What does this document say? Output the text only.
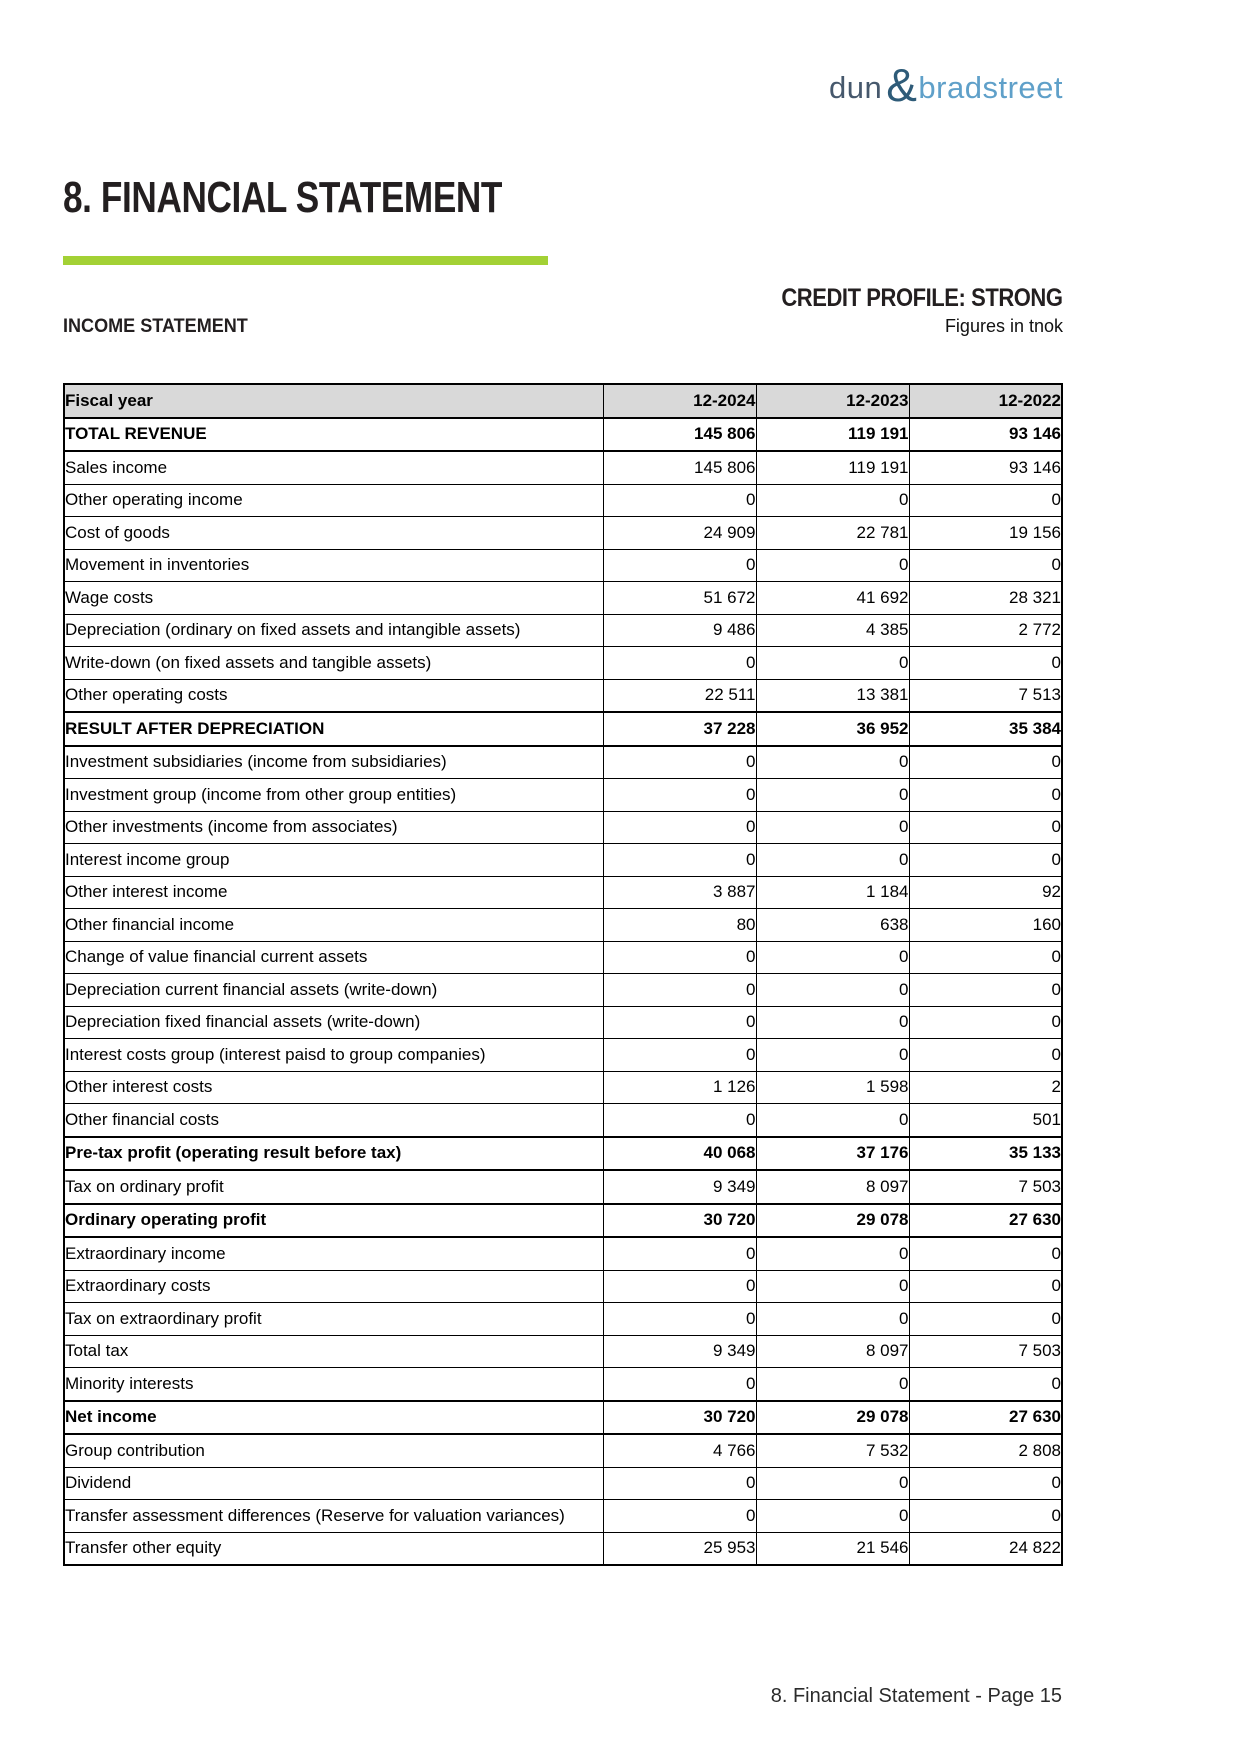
dun & bradstreet
8. FINANCIAL STATEMENT
CREDIT PROFILE: STRONG
INCOME STATEMENT	Figures in tnok
Fiscal year	12-2024	12-2023	12-2022
TOTAL REVENUE	145 806	119 191	93 146
Sales income	145 806	119 191	93 146
Other operating income	0	0	0
Cost of goods	24 909	22 781	19 156
Movement in inventories	0	0	0
Wage costs	51 672	41 692	28 321
Depreciation (ordinary on fixed assets and intangible assets)	9 486	4 385	2 772
Write-down (on fixed assets and tangible assets)	0	0	0
Other operating costs	22 511	13 381	7 513
RESULT AFTER DEPRECIATION	37 228	36 952	35 384
Investment subsidiaries (income from subsidiaries)	0	0	0
Investment group (income from other group entities)	0	0	0
Other investments (income from associates)	0	0	0
Interest income group	0	0	0
Other interest income	3 887	1 184	92
Other financial income	80	638	160
Change of value financial current assets	0	0	0
Depreciation current financial assets (write-down)	0	0	0
Depreciation fixed financial assets (write-down)	0	0	0
Interest costs group (interest paisd to group companies)	0	0	0
Other interest costs	1 126	1 598	2
Other financial costs	0	0	501
Pre-tax profit (operating result before tax)	40 068	37 176	35 133
Tax on ordinary profit	9 349	8 097	7 503
Ordinary operating profit	30 720	29 078	27 630
Extraordinary income	0	0	0
Extraordinary costs	0	0	0
Tax on extraordinary profit	0	0	0
Total tax	9 349	8 097	7 503
Minority interests	0	0	0
Net income	30 720	29 078	27 630
Group contribution	4 766	7 532	2 808
Dividend	0	0	0
Transfer assessment differences (Reserve for valuation variances)	0	0	0
Transfer other equity	25 953	21 546	24 822
8. Financial Statement - Page 15
